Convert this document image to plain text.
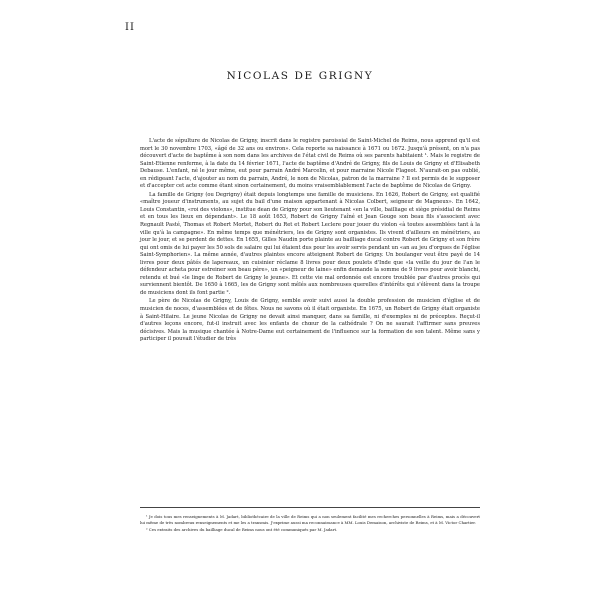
II
NICOLAS DE GRIGNY

L'acte de sépulture de Nicolas de Grigny, inscrit dans le registre paroissial de Saint-Michel de Reims, nous apprend qu'il est mort le 30 novembre 1703, «âgé de 32 ans ou environ». Cela reporte sa naissance à 1671 ou 1672. Jusqu'à présent, on n'a pas découvert d'acte de baptême à son nom dans les archives de l'état civil de Reims où ses parents habitaient ¹. Mais le registre de Saint-Etienne renferme, à la date du 14 février 1671, l'acte de baptême d'André de Grigny, fils de Louis de Grigny et d'Elisabeth Debause. L'enfant, né le jour même, eut pour parrain André Marcelin, et pour marraine Nicole Flageot. N'aurait-on pas oublié, en rédigeant l'acte, d'ajouter au nom du parrain, André, le nom de Nicolas, patron de la marraine ? Il est permis de le supposer et d'accepter cet acte comme étant sinon certainement, du moins vraisemblablement l'acte de baptême de Nicolas de Grigny.

La famille de Grigny (ou Degrigny) était depuis longtemps une famille de musiciens. En 1626, Robert de Grigny, est qualifié «maître joueur d'instruments, au sujet du bail d'une maison appartenant à Nicolas Colbert, seigneur de Magneux». En 1642, Louis Constantin, «roi des violons», institue dean de Grigny pour son lieutenant «en la ville, bailliage et siège présidial de Reims et en tous les lieux en dépendant». Le 18 août 1653, Robert de Grigny l'aîné et Jean Gouge son beau fils s'associent avec Regnault Pasté, Thomas et Robert Mortet, Robert du Ret et Robert Leclere pour jouer du violon «à toutes assemblées tant à la ville qu'à la campagne». En même temps que ménétriers, les de Grigny sont organistes. Ils vivent d'ailleurs en ménétriers, au jour le jour, et se perdent de dettes. En 1655, Gilles Naudin porte plainte au bailliage ducal contre Robert de Grigny et son frère qui ont omis de lui payer les 50 sols de salaire qui lui étaient dus pour les avoir servis pendant un «an au jeu d'orgues de l'église Saint-Symphorien». La même année, d'autres plaintes encore atteignent Robert de Grigny. Un boulanger veut être payé de 14 livres pour deux pâtés de lapereaux, un cuisinier réclame 8 livres pour deux poulets d'Inde que «la veille du jour de l'an le défendeur acheta pour estreiner son beau père», un «peigneur de laine» enfin demande la somme de 9 livres pour avoir blanchi, retendu et bué «le linge de Robert de Grigny le jeune». Et cette vie mal ordonnée est encore troublée par d'autres procès qui surviennent bientôt. De 1650 à 1665, les de Grigny sont mêlés aux nombreuses querelles d'intérêts qui s'élèvent dans la troupe de musiciens dont ils font partie ².

Le père de Nicolas de Grigny, Louis de Grigny, semble avoir suivi aussi la double profession de musicien d'église et de musicien de noces, d'assemblées et de fêtes. Nous ne savons où il était organiste. En 1675, un Robert de Grigny était organiste à Saint-Hilaire. Le jeune Nicolas de Grigny ne devait ainsi manquer, dans sa famille, ni d'exemples ni de préceptes. Reçut-il d'autres leçons encore, fut-il instruit avec les enfants de chœur de la cathédrale ? On ne saurait l'affirmer sans preuves décisives. Mais la musique chantée à Notre-Dame eut certainement de l'influence sur la formation de son talent. Même sans y participer il pouvait l'étudier de très

¹ Je dois tous mes renseignements à M. Jadart, bibliothécaire de la ville de Reims qui a non seulement facilité mes recherches personnelles à Reims, mais a découvert lui même de très nombreux renseignements et me les a transmis. J'exprime aussi ma reconnaissance à MM. Louis Demaison, archiviste de Reims, et à M. Victor Chartier.

² Ces extraits des archives du bailliage ducal de Reims nous ont été communiqués par M. Jadart.
